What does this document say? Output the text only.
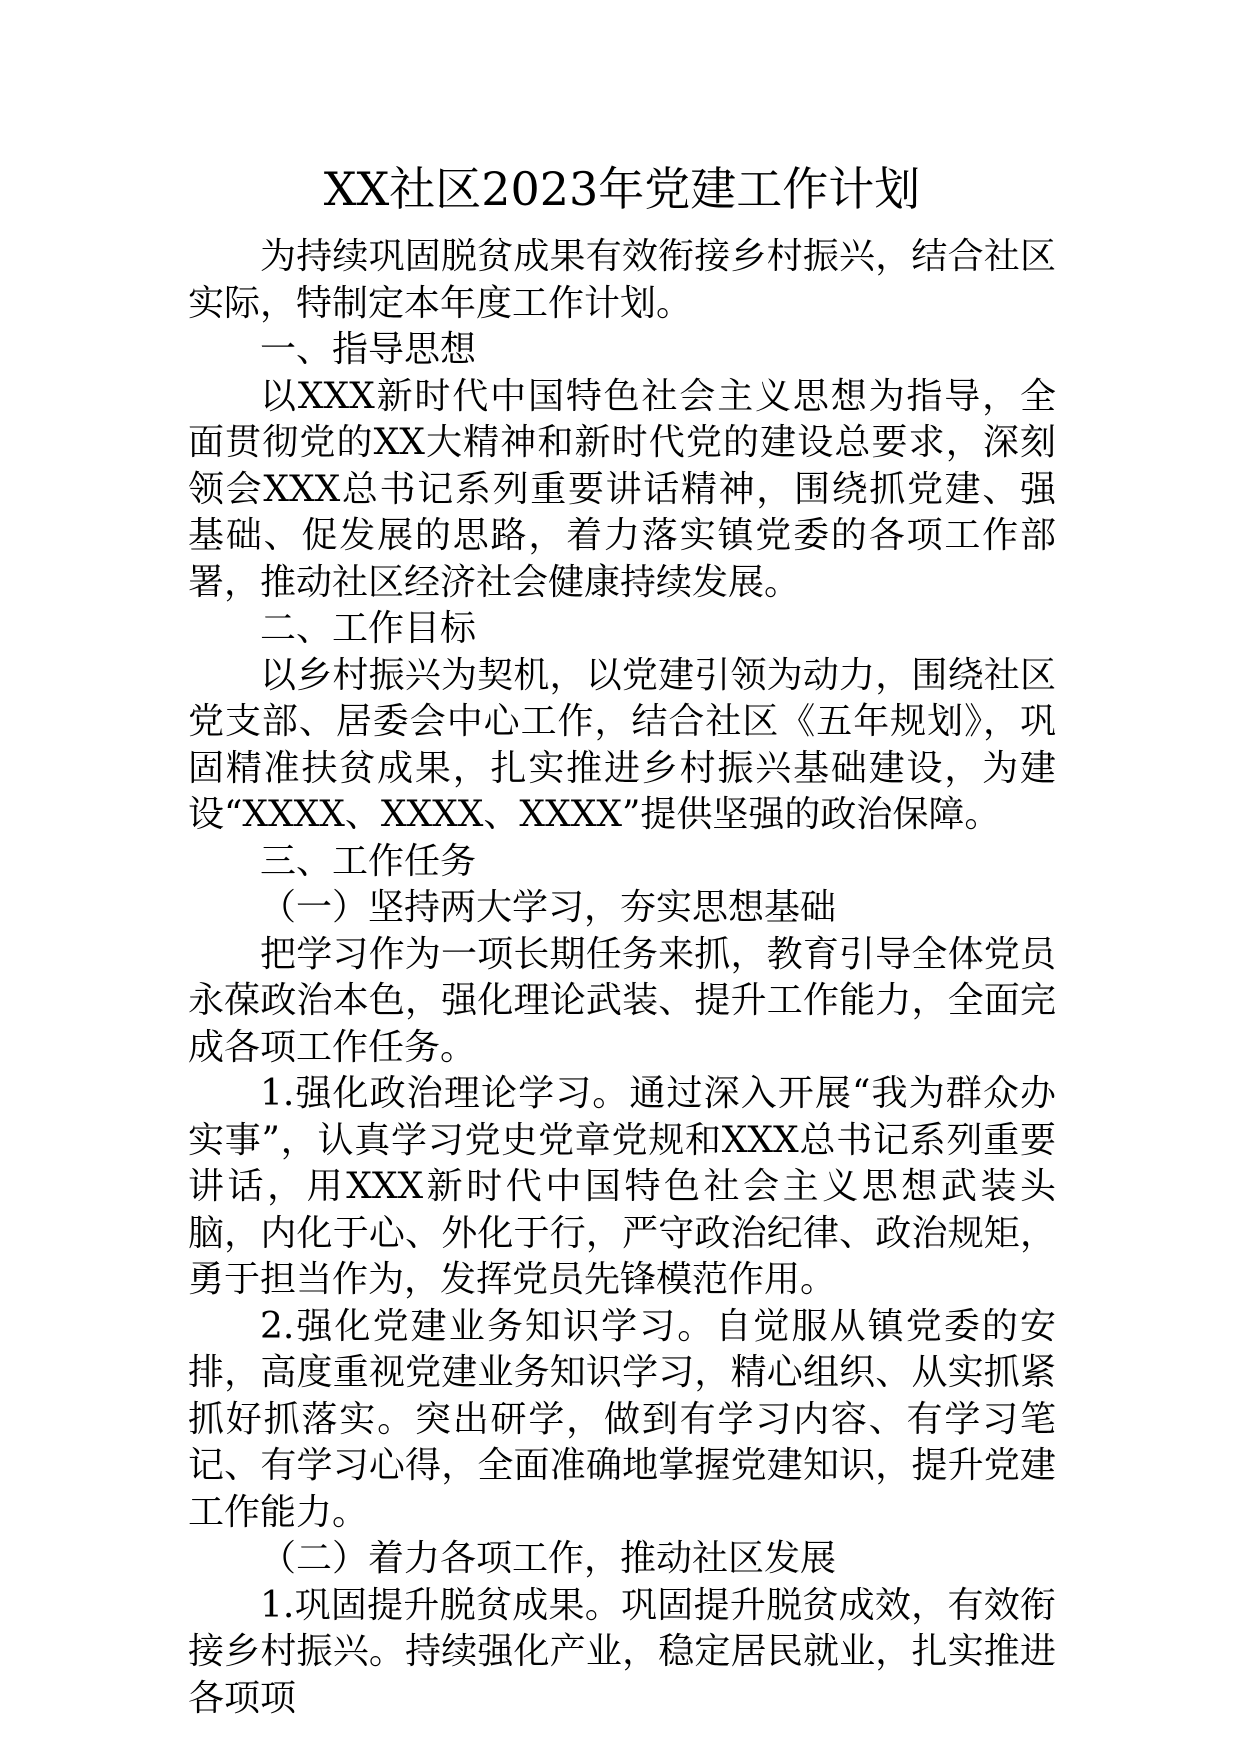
XX社区2023年党建工作计划

为持续巩固脱贫成果有效衔接乡村振兴，结合社区实际，特制定本年度工作计划。

一、指导思想

以XXX新时代中国特色社会主义思想为指导，全面贯彻党的XX大精神和新时代党的建设总要求，深刻领会XXX总书记系列重要讲话精神，围绕抓党建、强基础、促发展的思路，着力落实镇党委的各项工作部署，推动社区经济社会健康持续发展。

二、工作目标

以乡村振兴为契机，以党建引领为动力，围绕社区党支部、居委会中心工作，结合社区《五年规划》，巩固精准扶贫成果，扎实推进乡村振兴基础建设，为建设“XXXX、XXXX、XXXX”提供坚强的政治保障。

三、工作任务

（一）坚持两大学习，夯实思想基础

把学习作为一项长期任务来抓，教育引导全体党员永葆政治本色，强化理论武装、提升工作能力，全面完成各项工作任务。

1.强化政治理论学习。通过深入开展“我为群众办实事”，认真学习党史党章党规和XXX总书记系列重要讲话，用XXX新时代中国特色社会主义思想武装头脑，内化于心、外化于行，严守政治纪律、政治规矩，勇于担当作为，发挥党员先锋模范作用。

2.强化党建业务知识学习。自觉服从镇党委的安排，高度重视党建业务知识学习，精心组织、从实抓紧抓好抓落实。突出研学，做到有学习内容、有学习笔记、有学习心得，全面准确地掌握党建知识，提升党建工作能力。

（二）着力各项工作，推动社区发展

1.巩固提升脱贫成果。巩固提升脱贫成效，有效衔接乡村振兴。持续强化产业，稳定居民就业，扎实推进各项项
